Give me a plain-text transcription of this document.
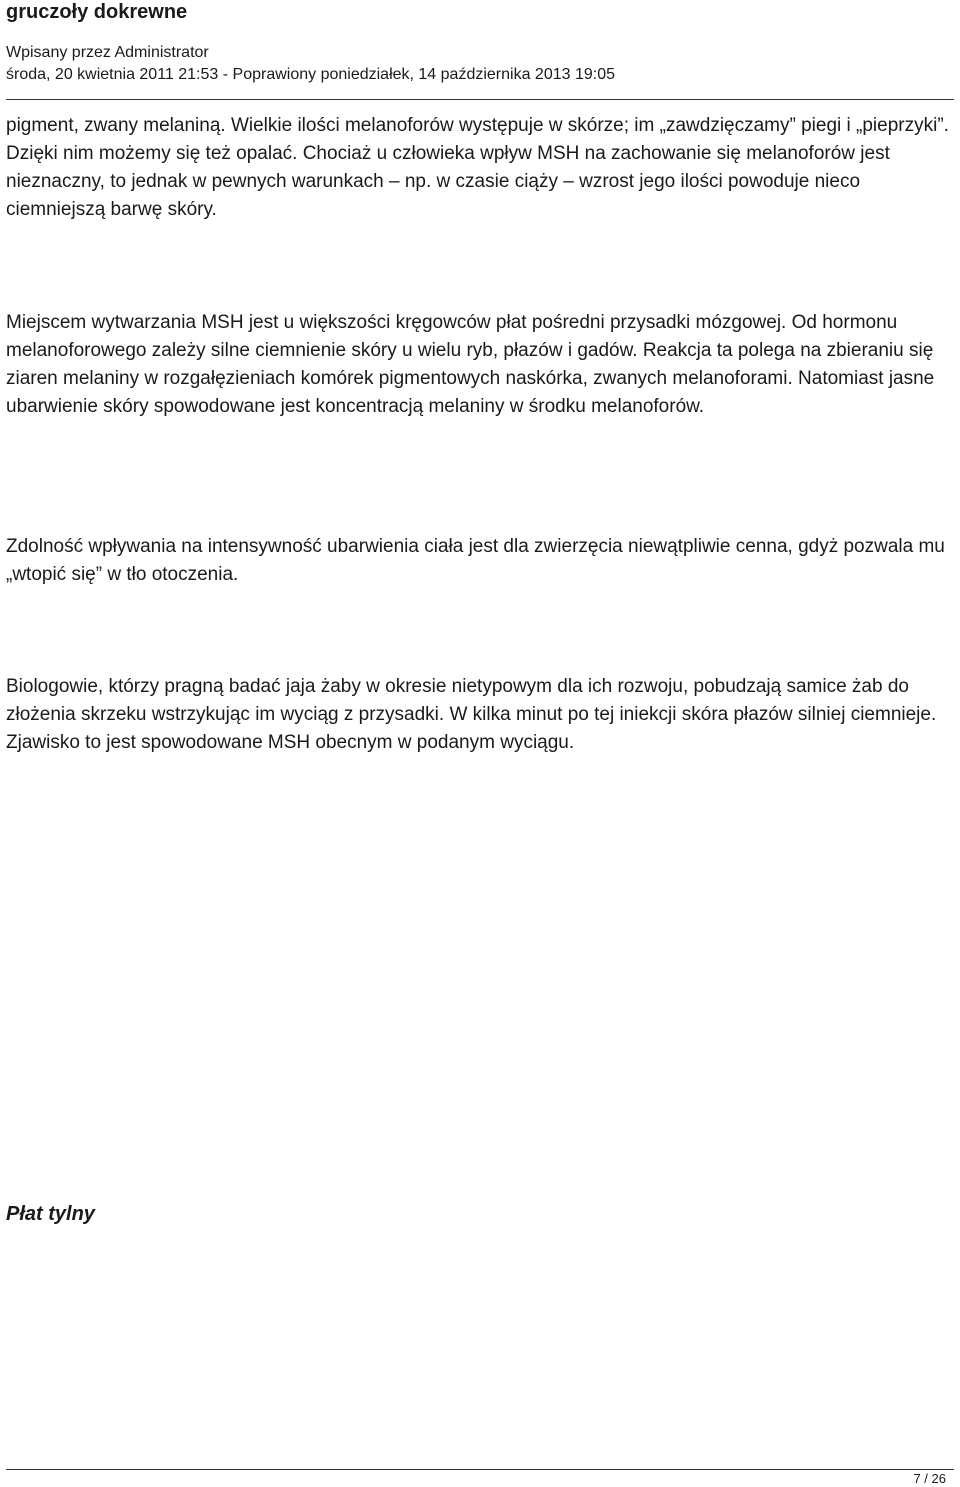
gruczoły dokrewne
Wpisany przez Administrator
środa, 20 kwietnia 2011 21:53 - Poprawiony poniedziałek, 14 października 2013 19:05

pigment, zwany melaniną. Wielkie ilości melanoforów występuje w skórze; im „zawdzięczamy” piegi i „pieprzyki”. Dzięki nim możemy się też opalać. Chociaż u człowieka wpływ MSH na zachowanie się melanoforów jest nieznaczny, to jednak w pewnych warunkach – np. w czasie ciąży – wzrost jego ilości powoduje nieco ciemniejszą barwę skóry.

Miejscem wytwarzania MSH jest u większości kręgowców płat pośredni przysadki mózgowej. Od hormonu melanoforowego zależy silne ciemnienie skóry u wielu ryb, płazów i gadów. Reakcja ta polega na zbieraniu się ziaren melaniny w rozgałęzieniach komórek pigmentowych naskórka, zwanych melanoforami. Natomiast jasne ubarwienie skóry spowodowane jest koncentracją melaniny w środku melanoforów.

Zdolność wpływania na intensywność ubarwienia ciała jest dla zwierzęcia niewątpliwie cenna, gdyż pozwala mu „wtopić się” w tło otoczenia.

Biologowie, którzy pragną badać jaja żaby w okresie nietypowym dla ich rozwoju, pobudzają samice żab do złożenia skrzeku wstrzykując im wyciąg z przysadki. W kilka minut po tej iniekcji skóra płazów silniej ciemnieje. Zjawisko to jest spowodowane MSH obecnym w podanym wyciągu.

Płat tylny
7 / 26
